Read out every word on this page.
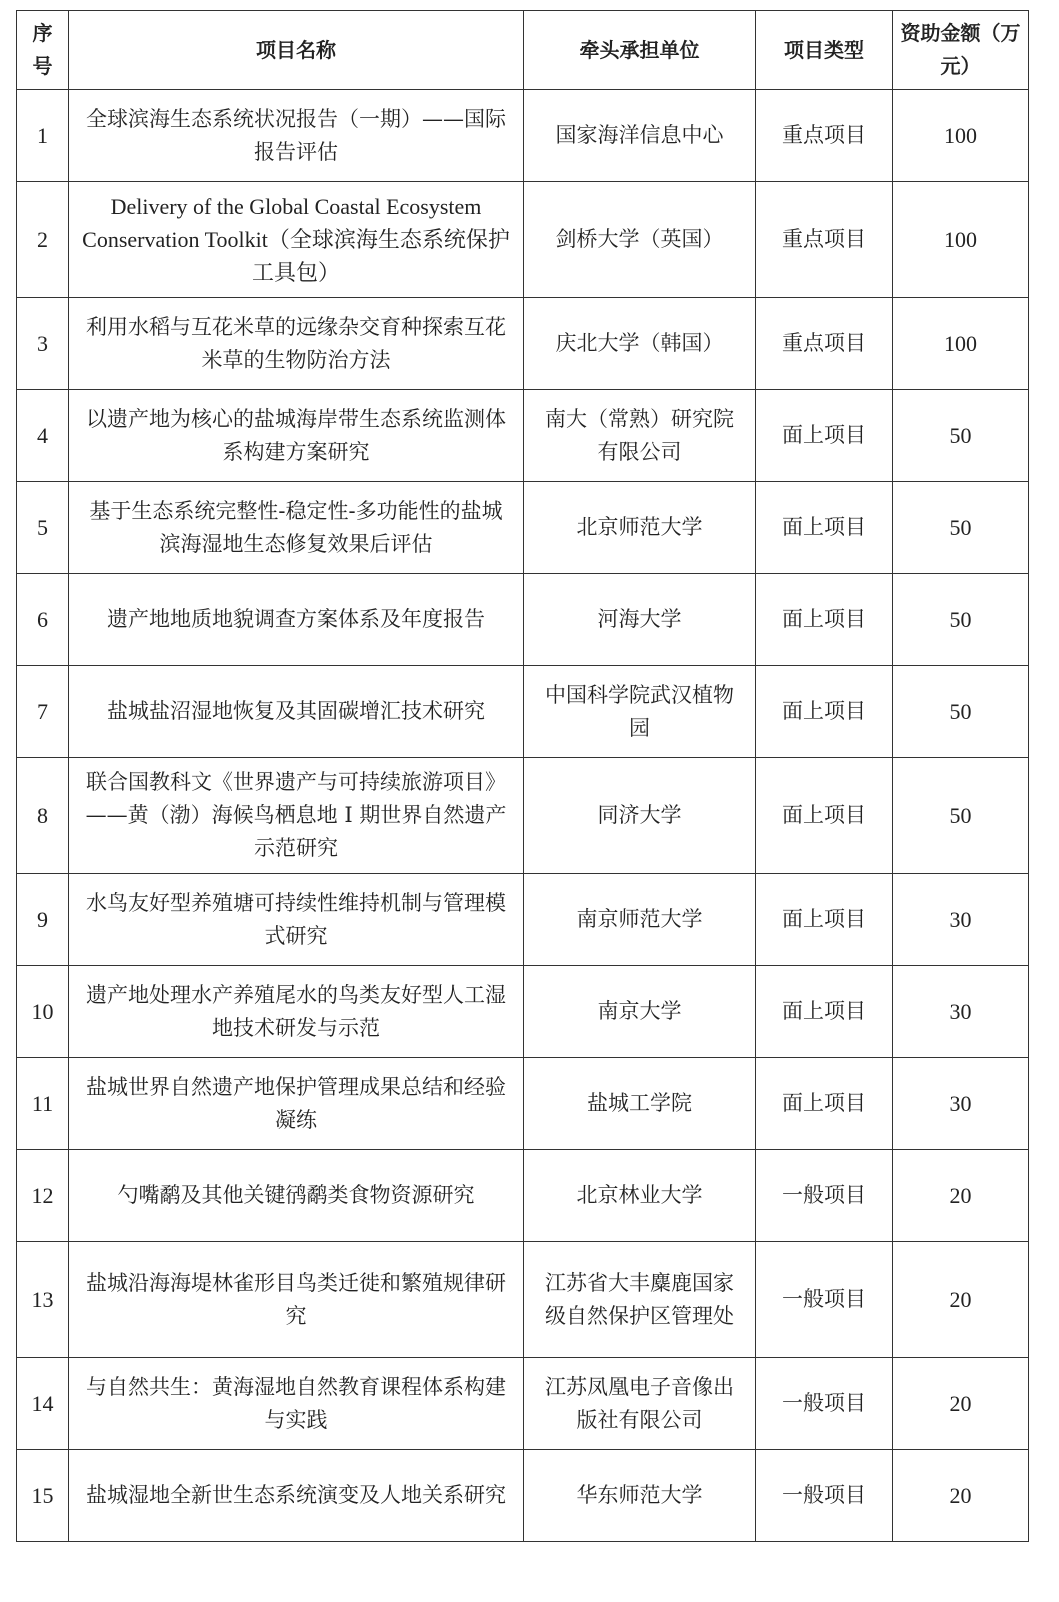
序号	项目名称	牵头承担单位	项目类型	资助金额（万元）
1	全球滨海生态系统状况报告（一期）——国际报告评估	国家海洋信息中心	重点项目	100
2	Delivery of the Global Coastal Ecosystem Conservation Toolkit（全球滨海生态系统保护工具包）	剑桥大学（英国）	重点项目	100
3	利用水稻与互花米草的远缘杂交育种探索互花米草的生物防治方法	庆北大学（韩国）	重点项目	100
4	以遗产地为核心的盐城海岸带生态系统监测体系构建方案研究	南大（常熟）研究院有限公司	面上项目	50
5	基于生态系统完整性-稳定性-多功能性的盐城滨海湿地生态修复效果后评估	北京师范大学	面上项目	50
6	遗产地地质地貌调查方案体系及年度报告	河海大学	面上项目	50
7	盐城盐沼湿地恢复及其固碳增汇技术研究	中国科学院武汉植物园	面上项目	50
8	联合国教科文《世界遗产与可持续旅游项目》——黄（渤）海候鸟栖息地 I 期世界自然遗产示范研究	同济大学	面上项目	50
9	水鸟友好型养殖塘可持续性维持机制与管理模式研究	南京师范大学	面上项目	30
10	遗产地处理水产养殖尾水的鸟类友好型人工湿地技术研发与示范	南京大学	面上项目	30
11	盐城世界自然遗产地保护管理成果总结和经验凝练	盐城工学院	面上项目	30
12	勺嘴鹬及其他关键鸻鹬类食物资源研究	北京林业大学	一般项目	20
13	盐城沿海海堤林雀形目鸟类迁徙和繁殖规律研究	江苏省大丰麋鹿国家级自然保护区管理处	一般项目	20
14	与自然共生：黄海湿地自然教育课程体系构建与实践	江苏凤凰电子音像出版社有限公司	一般项目	20
15	盐城湿地全新世生态系统演变及人地关系研究	华东师范大学	一般项目	20
